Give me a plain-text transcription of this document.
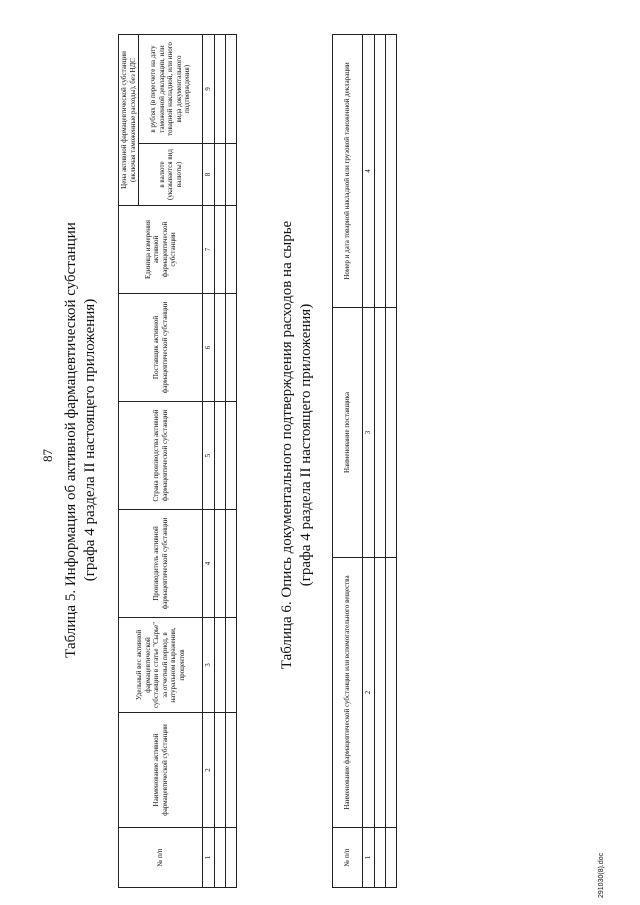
87 Таблица 5. Информация об активной фармацевтической субстанции (графа 4 раздела II настоящего приложения)
№ п/п	Наименование активной фармацевтической субстанции	Удельный вес активной фармацевтической субстанции в статье "Сырье" за отчетный период, в натуральном выражении, процентов	Производитель активной фармацевтической субстанции	Страна производства активной фармацевтической субстанции	Поставщик активной фармацевтической субстанции	Единица измерения активной фармацевтической субстанции	Цена активной фармацевтической субстанции (включая таможенные расходы), без НДС	
							в валюте (указывается вид валюты)	в рублях (в пересчете на дату таможенной декларации, или товарной накладной, или иного вида документального подтверждения)
1	2	3	4	5	6	7	8	9

Таблица 6. Опись документального подтверждения расходов на сырье (графа 4 раздела II настоящего приложения)
№ п/п	Наименование фармацевтической субстанции или вспомогательного вещества	Наименование поставщика	Номер и дата товарной накладной или грузовой таможенной декларации
1	2	3	4

291030(8).doc
